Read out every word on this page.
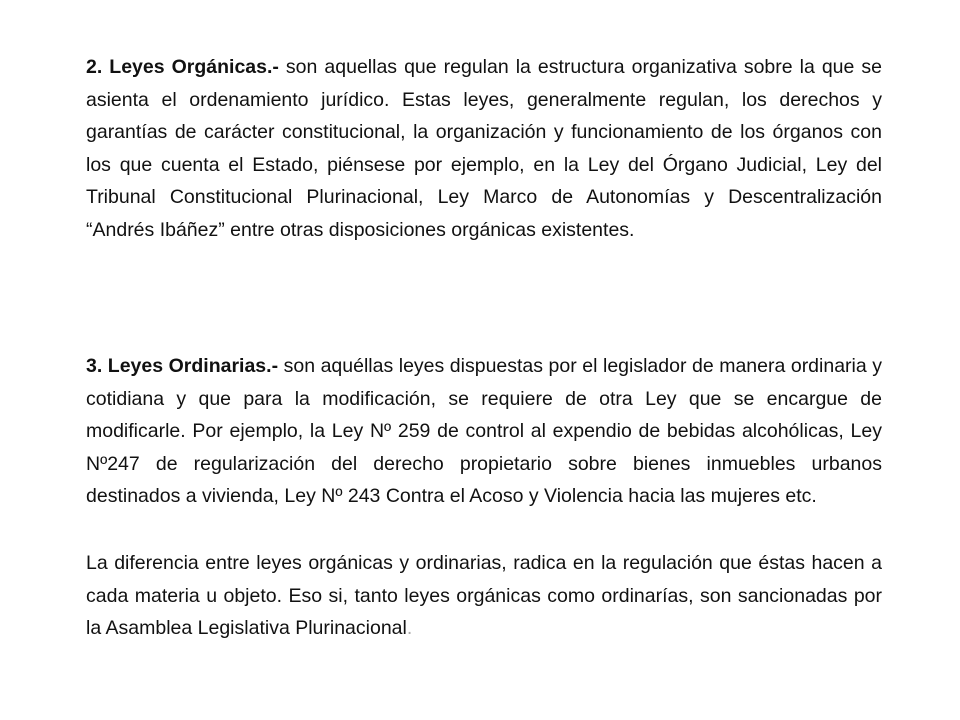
2. Leyes Orgánicas.- son aquellas que regulan la estructura organizativa sobre la que se asienta el ordenamiento jurídico. Estas leyes, generalmente regulan, los derechos y garantías de carácter constitucional, la organización y funcionamiento de los órganos con los que cuenta el Estado, piénsese por ejemplo, en la Ley del Órgano Judicial, Ley del Tribunal Constitucional Plurinacional, Ley Marco de Autonomías y Descentralización “Andrés Ibáñez” entre otras disposiciones orgánicas existentes.

3. Leyes Ordinarias.- son aquéllas leyes dispuestas por el legislador de manera ordinaria y cotidiana y que para la modificación, se requiere de otra Ley que se encargue de modificarle. Por ejemplo, la Ley Nº 259 de control al expendio de bebidas alcohólicas, Ley Nº247 de regularización del derecho propietario sobre bienes inmuebles urbanos destinados a vivienda, Ley Nº 243 Contra el Acoso y Violencia hacia las mujeres etc.

La diferencia entre leyes orgánicas y ordinarias, radica en la regulación que éstas hacen a cada materia u objeto. Eso si, tanto leyes orgánicas como ordinarías, son sancionadas por la Asamblea Legislativa Plurinacional.
